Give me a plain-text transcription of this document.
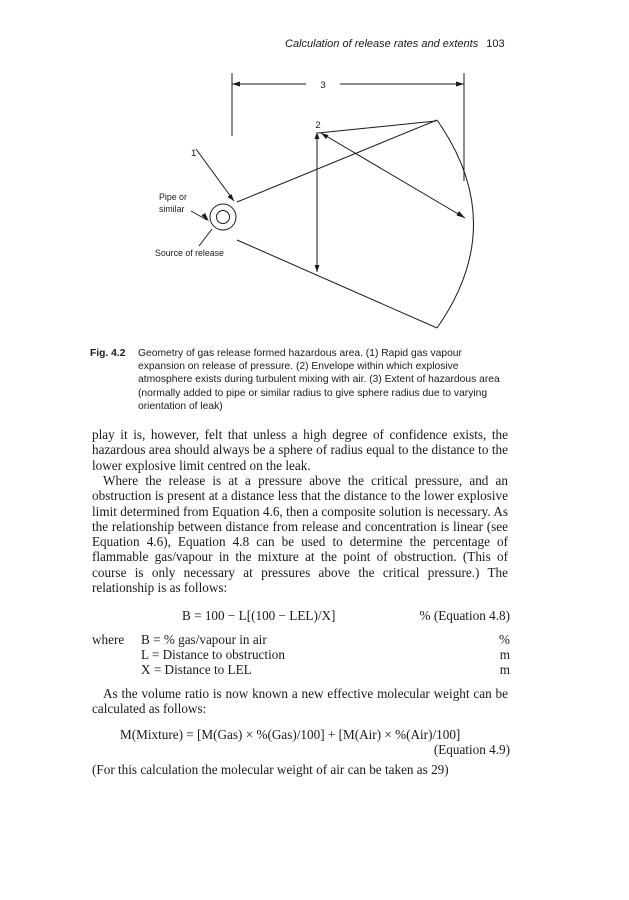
Calculation of release rates and extents 103
3
2
1
Pipe or
similar
Source of release
Fig. 4.2 Geometry of gas release formed hazardous area. (1) Rapid gas vapour expansion on release of pressure. (2) Envelope within which explosive atmosphere exists during turbulent mixing with air. (3) Extent of hazardous area (normally added to pipe or similar radius to give sphere radius due to varying orientation of leak)
play it is, however, felt that unless a high degree of confidence exists, the hazardous area should always be a sphere of radius equal to the distance to the lower explosive limit centred on the leak.
Where the release is at a pressure above the critical pressure, and an obstruction is present at a distance less that the distance to the lower explosive limit determined from Equation 4.6, then a composite solution is necessary. As the relationship between distance from release and concentration is linear (see Equation 4.6), Equation 4.8 can be used to determine the percentage of flammable gas/vapour in the mixture at the point of obstruction. (This of course is only necessary at pressures above the critical pressure.) The relationship is as follows:
B = 100 − L[(100 − LEL)/X]	% (Equation 4.8)
where B = % gas/vapour in air	%
L = Distance to obstruction	m
X = Distance to LEL	m
As the volume ratio is now known a new effective molecular weight can be calculated as follows:
M(Mixture) = [M(Gas) × %(Gas)/100] + [M(Air) × %(Air)/100]
(Equation 4.9)
(For this calculation the molecular weight of air can be taken as 29)
